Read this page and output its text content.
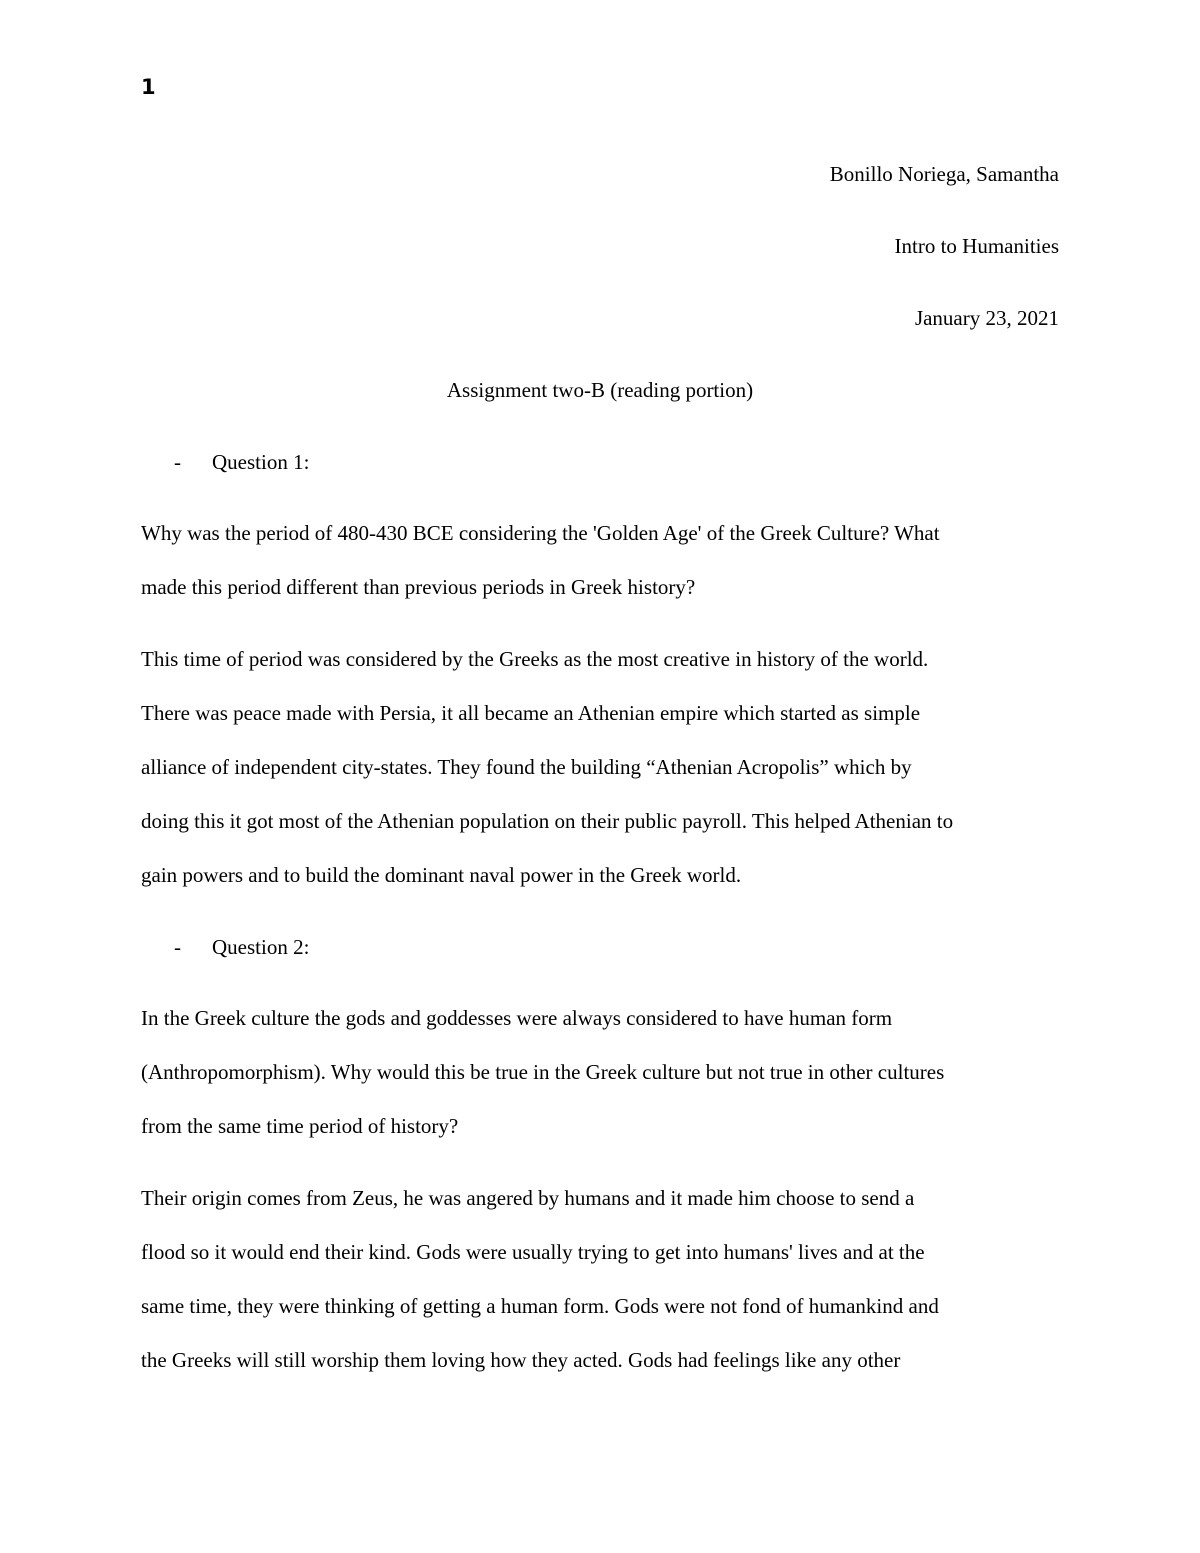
1
Bonillo Noriega, Samantha
Intro to Humanities
January 23, 2021
Assignment two-B (reading portion)
- Question 1:
Why was the period of 480-430 BCE considering the 'Golden Age' of the Greek Culture? What
made this period different than previous periods in Greek history?
This time of period was considered by the Greeks as the most creative in history of the world.
There was peace made with Persia, it all became an Athenian empire which started as simple
alliance of independent city-states. They found the building “Athenian Acropolis” which by
doing this it got most of the Athenian population on their public payroll. This helped Athenian to
gain powers and to build the dominant naval power in the Greek world.
- Question 2:
In the Greek culture the gods and goddesses were always considered to have human form
(Anthropomorphism). Why would this be true in the Greek culture but not true in other cultures
from the same time period of history?
Their origin comes from Zeus, he was angered by humans and it made him choose to send a
flood so it would end their kind. Gods were usually trying to get into humans' lives and at the
same time, they were thinking of getting a human form. Gods were not fond of humankind and
the Greeks will still worship them loving how they acted. Gods had feelings like any other
